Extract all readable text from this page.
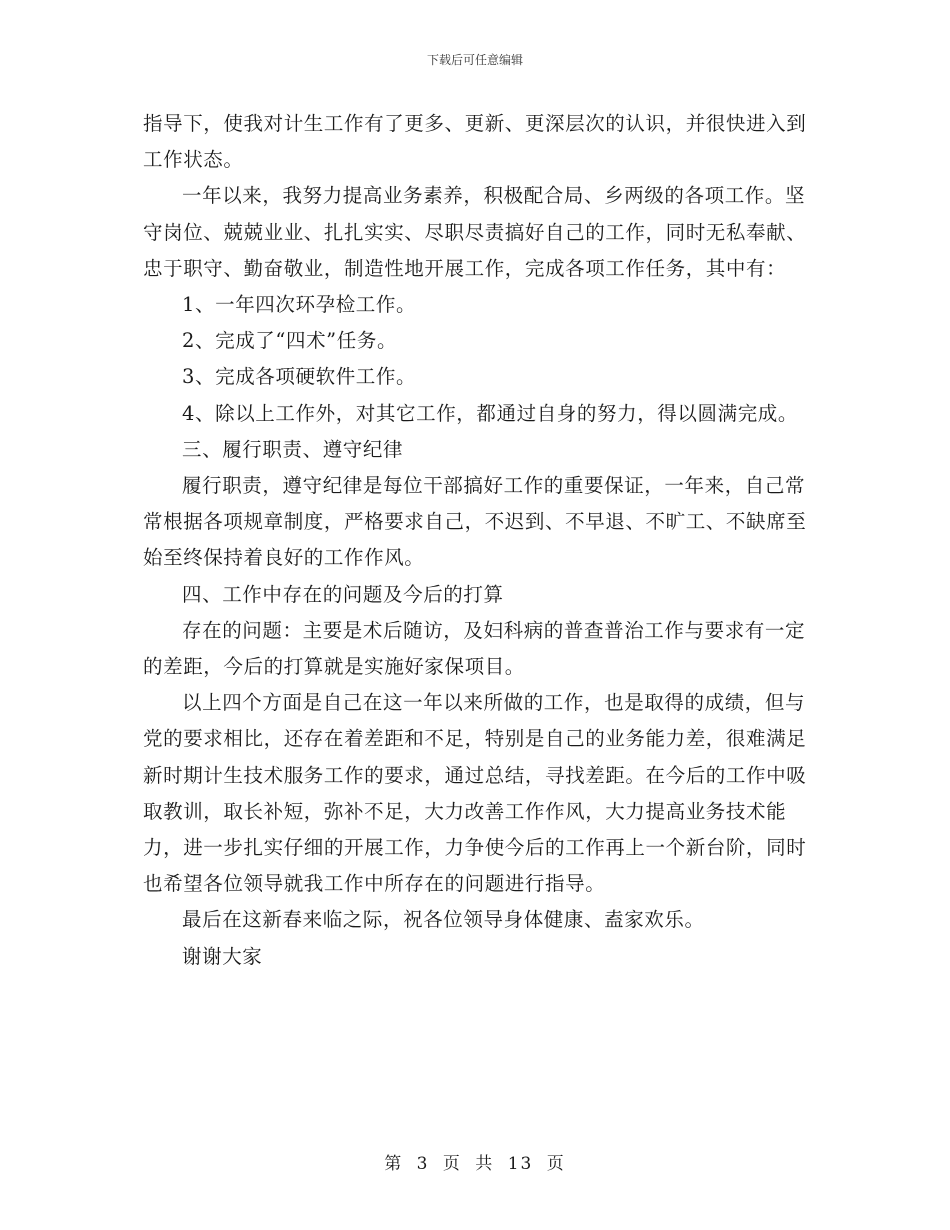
下载后可任意编辑

指导下，使我对计生工作有了更多、更新、更深层次的认识，并很快进入到工作状态。

一年以来，我努力提高业务素养，积极配合局、乡两级的各项工作。坚守岗位、兢兢业业、扎扎实实、尽职尽责搞好自己的工作，同时无私奉献、忠于职守、勤奋敬业，制造性地开展工作，完成各项工作任务，其中有：

1、一年四次环孕检工作。

2、完成了“四术”任务。

3、完成各项硬软件工作。

4、除以上工作外，对其它工作，都通过自身的努力，得以圆满完成。

三、履行职责、遵守纪律

履行职责，遵守纪律是每位干部搞好工作的重要保证，一年来，自己常常根据各项规章制度，严格要求自己，不迟到、不早退、不旷工、不缺席至始至终保持着良好的工作作风。

四、工作中存在的问题及今后的打算

存在的问题：主要是术后随访，及妇科病的普查普治工作与要求有一定的差距，今后的打算就是实施好家保项目。

以上四个方面是自己在这一年以来所做的工作，也是取得的成绩，但与党的要求相比，还存在着差距和不足，特别是自己的业务能力差，很难满足新时期计生技术服务工作的要求，通过总结，寻找差距。在今后的工作中吸取教训，取长补短，弥补不足，大力改善工作作风，大力提高业务技术能力，进一步扎实仔细的开展工作，力争使今后的工作再上一个新台阶，同时也希望各位领导就我工作中所存在的问题进行指导。

最后在这新春来临之际，祝各位领导身体健康、盍家欢乐。

谢谢大家

第 3 页 共 13 页
